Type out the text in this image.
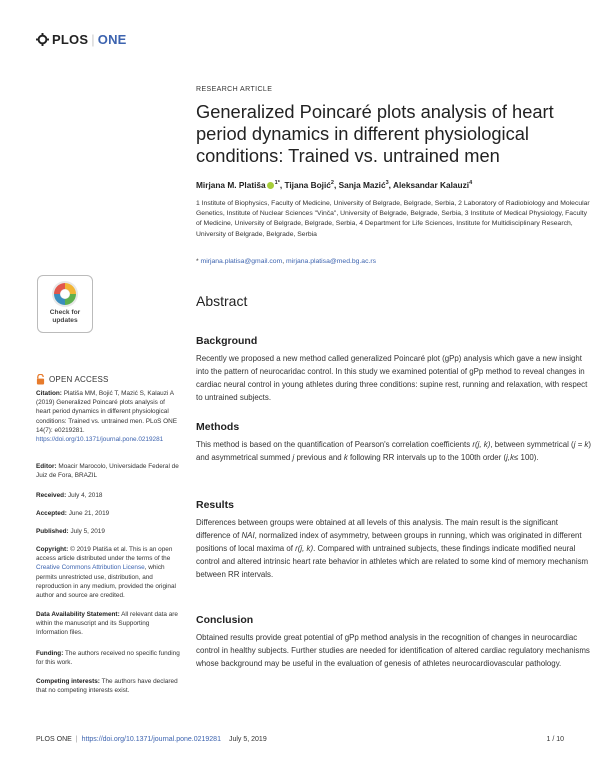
PLOS | ONE
Check for
updates
OPEN ACCESS
Citation: Platiša MM, Bojić T, Mazić S, Kalauzi A (2019) Generalized Poincaré plots analysis of heart period dynamics in different physiological conditions: Trained vs. untrained men. PLoS ONE 14(7): e0219281. https://doi.org/10.1371/journal.pone.0219281
Editor: Moacir Marocolo, Universidade Federal de Juiz de Fora, BRAZIL
Received: July 4, 2018
Accepted: June 21, 2019
Published: July 5, 2019
Copyright: © 2019 Platiša et al. This is an open access article distributed under the terms of the Creative Commons Attribution License, which permits unrestricted use, distribution, and reproduction in any medium, provided the original author and source are credited.
Data Availability Statement: All relevant data are within the manuscript and its Supporting Information files.
Funding: The authors received no specific funding for this work.
Competing interests: The authors have declared that no competing interests exist.
RESEARCH ARTICLE
Generalized Poincaré plots analysis of heart period dynamics in different physiological conditions: Trained vs. untrained men
Mirjana M. Platiša $^{1*}$, Tijana Bojić$^2$, Sanja Mazić$^3$, Aleksandar Kalauzi$^4$
1 Institute of Biophysics, Faculty of Medicine, University of Belgrade, Belgrade, Serbia, 2 Laboratory of Radiobiology and Molecular Genetics, Institute of Nuclear Sciences "Vinča", University of Belgrade, Belgrade, Serbia, 3 Institute of Medical Physiology, Faculty of Medicine, University of Belgrade, Belgrade, Serbia, 4 Department for Life Sciences, Institute for Multidisciplinary Research, University of Belgrade, Belgrade, Serbia
* mirjana.platisa@gmail.com, mirjana.platisa@med.bg.ac.rs
Abstract
Background

Recently we proposed a new method called generalized Poincaré plot (gPp) analysis which gave a new insight into the pattern of neurocaridac control. In this study we examined potential of gPp method to reveal changes in cardiac neural control in young athletes during three conditions: supine rest, running and relaxation, with respect to untrained subjects.

Methods

This method is based on the quantification of Pearson's correlation coefficients r(j, k), between symmetrical (j = k) and asymmetrical summed j previous and k following RR intervals up to the 100th order (j,k≤ 100).

Results

Differences between groups were obtained at all levels of this analysis. The main result is the significant difference of NAI, normalized index of asymmetry, between groups in running, which was originated in different positions of local maxima of r(j, k). Compared with untrained subjects, these findings indicate modified neural control and altered intrinsic heart rate behavior in athletes which are related to some kind of memory mechanism between RR intervals.

Conclusion

Obtained results provide great potential of gPp method analysis in the recognition of changes in neurocardiac control in healthy subjects. Further studies are needed for identification of altered cardiac regulatory mechanisms whose background may be useful in the evaluation of genesis of athletes neurocardiovascular pathology.

PLOS ONE | https://doi.org/10.1371/journal.pone.0219281 July 5, 2019	1 / 10
